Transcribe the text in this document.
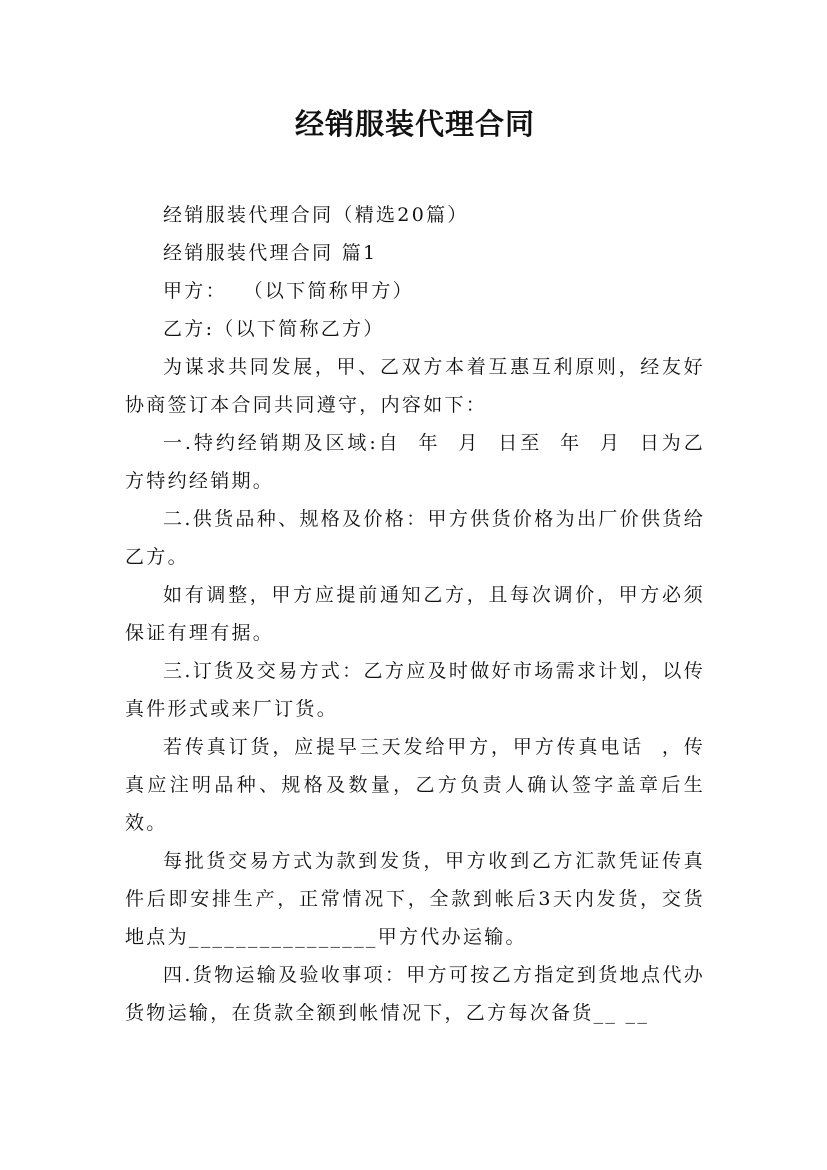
经销服装代理合同

经销服装代理合同（精选20篇）

经销服装代理合同 篇1

甲方：  （以下简称甲方）

乙方:（以下简称乙方）

为谋求共同发展，甲、乙双方本着互惠互利原则，经友好协商签订本合同共同遵守，内容如下：

一.特约经销期及区域:自  年  月  日至  年  月  日为乙方特约经销期。

二.供货品种、规格及价格：甲方供货价格为出厂价供货给乙方。

如有调整，甲方应提前通知乙方，且每次调价，甲方必须保证有理有据。

三.订货及交易方式：乙方应及时做好市场需求计划，以传真件形式或来厂订货。

若传真订货，应提早三天发给甲方，甲方传真电话  ，传真应注明品种、规格及数量，乙方负责人确认签字盖章后生效。

每批货交易方式为款到发货，甲方收到乙方汇款凭证传真件后即安排生产，正常情况下，全款到帐后3天内发货，交货地点为________________甲方代办运输。

四.货物运输及验收事项：甲方可按乙方指定到货地点代办货物运输，在货款全额到帐情况下，乙方每次备货__ __
